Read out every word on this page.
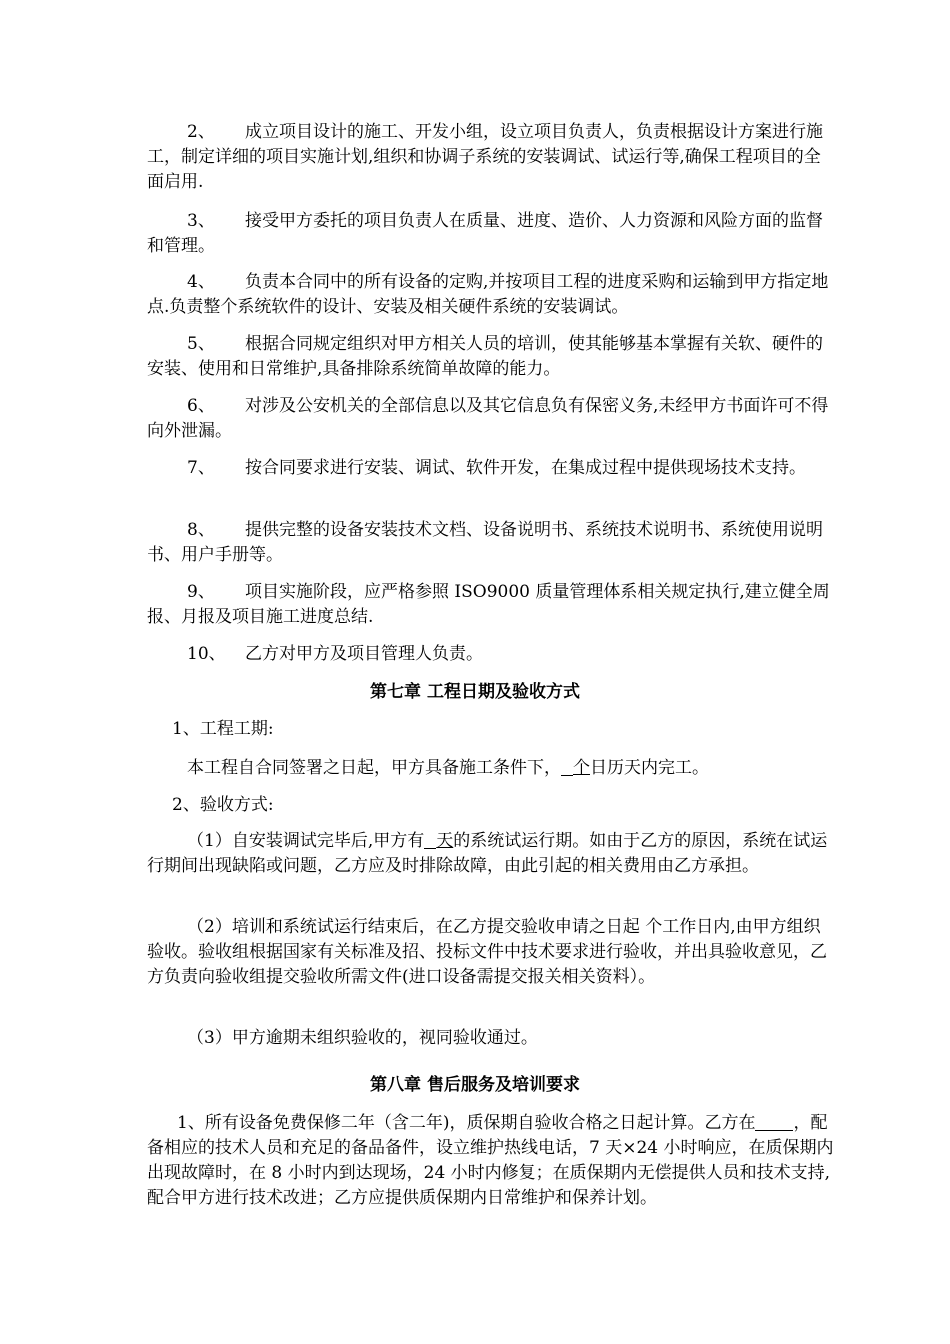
2、 成立项目设计的施工、开发小组，设立项目负责人，负责根据设计方案进行施工，制定详细的项目实施计划,组织和协调子系统的安装调试、试运行等,确保工程项目的全面启用.

3、 接受甲方委托的项目负责人在质量、进度、造价、人力资源和风险方面的监督和管理。

4、 负责本合同中的所有设备的定购,并按项目工程的进度采购和运输到甲方指定地点.负责整个系统软件的设计、安装及相关硬件系统的安装调试。

5、 根据合同规定组织对甲方相关人员的培训，使其能够基本掌握有关软、硬件的安装、使用和日常维护,具备排除系统简单故障的能力。

6、 对涉及公安机关的全部信息以及其它信息负有保密义务,未经甲方书面许可不得向外泄漏。

7、 按合同要求进行安装、调试、软件开发，在集成过程中提供现场技术支持。

8、 提供完整的设备安装技术文档、设备说明书、系统技术说明书、系统使用说明书、用户手册等。

9、 项目实施阶段，应严格参照 ISO9000 质量管理体系相关规定执行,建立健全周报、月报及项目施工进度总结.

10、 乙方对甲方及项目管理人负责。

第七章 工程日期及验收方式

1、工程工期:

本工程自合同签署之日起，甲方具备施工条件下， 个日历天内完工。

2、验收方式:

（1）自安装调试完毕后,甲方有 天的系统试运行期。如由于乙方的原因，系统在试运行期间出现缺陷或问题，乙方应及时排除故障，由此引起的相关费用由乙方承担。

（2）培训和系统试运行结束后，在乙方提交验收申请之日起 个工作日内,由甲方组织验收。验收组根据国家有关标准及招、投标文件中技术要求进行验收，并出具验收意见，乙方负责向验收组提交验收所需文件(进口设备需提交报关相关资料）。

（3）甲方逾期未组织验收的，视同验收通过。

第八章 售后服务及培训要求

1、所有设备免费保修二年（含二年)，质保期自验收合格之日起计算。乙方在 ，配备相应的技术人员和充足的备品备件，设立维护热线电话，7 天×24 小时响应，在质保期内出现故障时，在 8 小时内到达现场，24 小时内修复；在质保期内无偿提供人员和技术支持,配合甲方进行技术改进；乙方应提供质保期内日常维护和保养计划。
